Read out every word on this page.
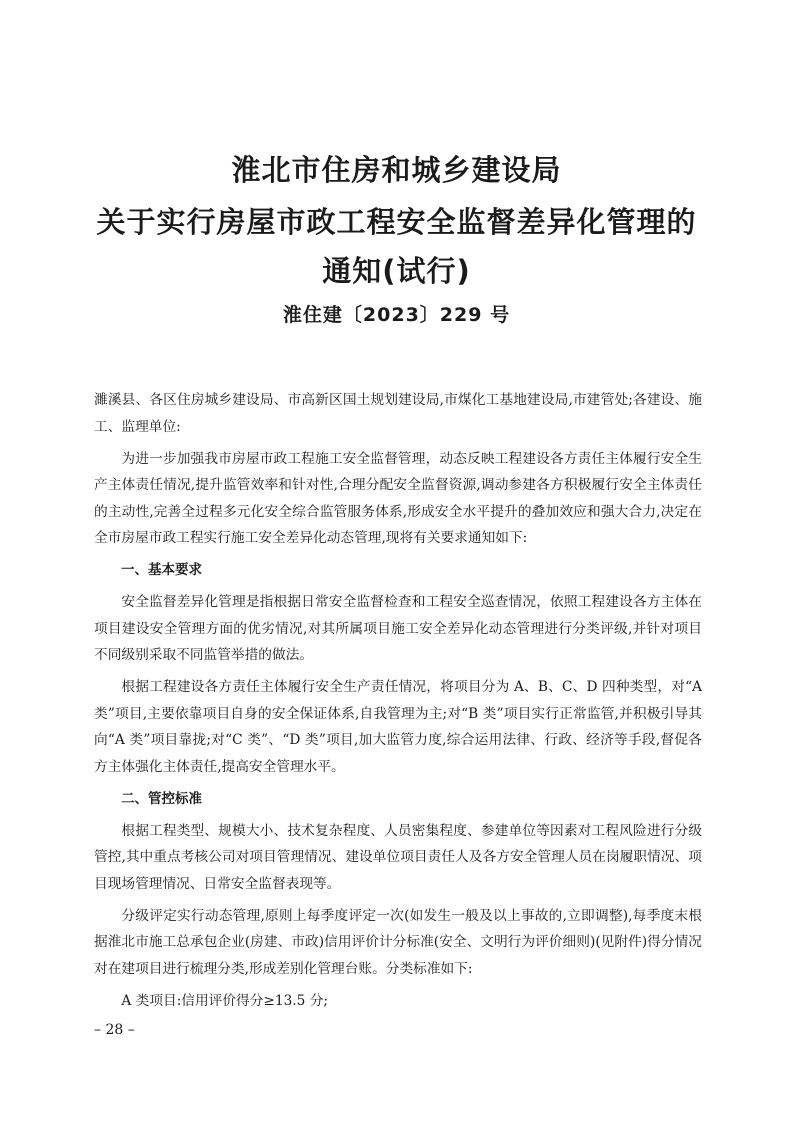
淮北市住房和城乡建设局
关于实行房屋市政工程安全监督差异化管理的
通知(试行)
淮住建〔2023〕229 号

濉溪县、各区住房城乡建设局、市高新区国土规划建设局,市煤化工基地建设局,市建管处;各建设、施工、监理单位:

为进一步加强我市房屋市政工程施工安全监督管理，动态反映工程建设各方责任主体履行安全生产主体责任情况,提升监管效率和针对性,合理分配安全监督资源,调动参建各方积极履行安全主体责任的主动性,完善全过程多元化安全综合监管服务体系,形成安全水平提升的叠加效应和强大合力,决定在全市房屋市政工程实行施工安全差异化动态管理,现将有关要求通知如下:

一、基本要求

安全监督差异化管理是指根据日常安全监督检查和工程安全巡查情况，依照工程建设各方主体在项目建设安全管理方面的优劣情况,对其所属项目施工安全差异化动态管理进行分类评级,并针对项目不同级别采取不同监管举措的做法。

根据工程建设各方责任主体履行安全生产责任情况，将项目分为 A、B、C、D 四种类型，对“A 类”项目,主要依靠项目自身的安全保证体系,自我管理为主;对“B 类”项目实行正常监管,并积极引导其向“A 类”项目靠拢;对“C 类”、“D 类”项目,加大监管力度,综合运用法律、行政、经济等手段,督促各方主体强化主体责任,提高安全管理水平。

二、管控标准

根据工程类型、规模大小、技术复杂程度、人员密集程度、参建单位等因素对工程风险进行分级管控,其中重点考核公司对项目管理情况、建设单位项目责任人及各方安全管理人员在岗履职情况、项目现场管理情况、日常安全监督表现等。

分级评定实行动态管理,原则上每季度评定一次(如发生一般及以上事故的,立即调整),每季度末根据淮北市施工总承包企业(房建、市政)信用评价计分标准(安全、文明行为评价细则)(见附件)得分情况对在建项目进行梳理分类,形成差别化管理台账。分类标准如下:

A 类项目:信用评价得分≥13.5 分;

– 28 –
